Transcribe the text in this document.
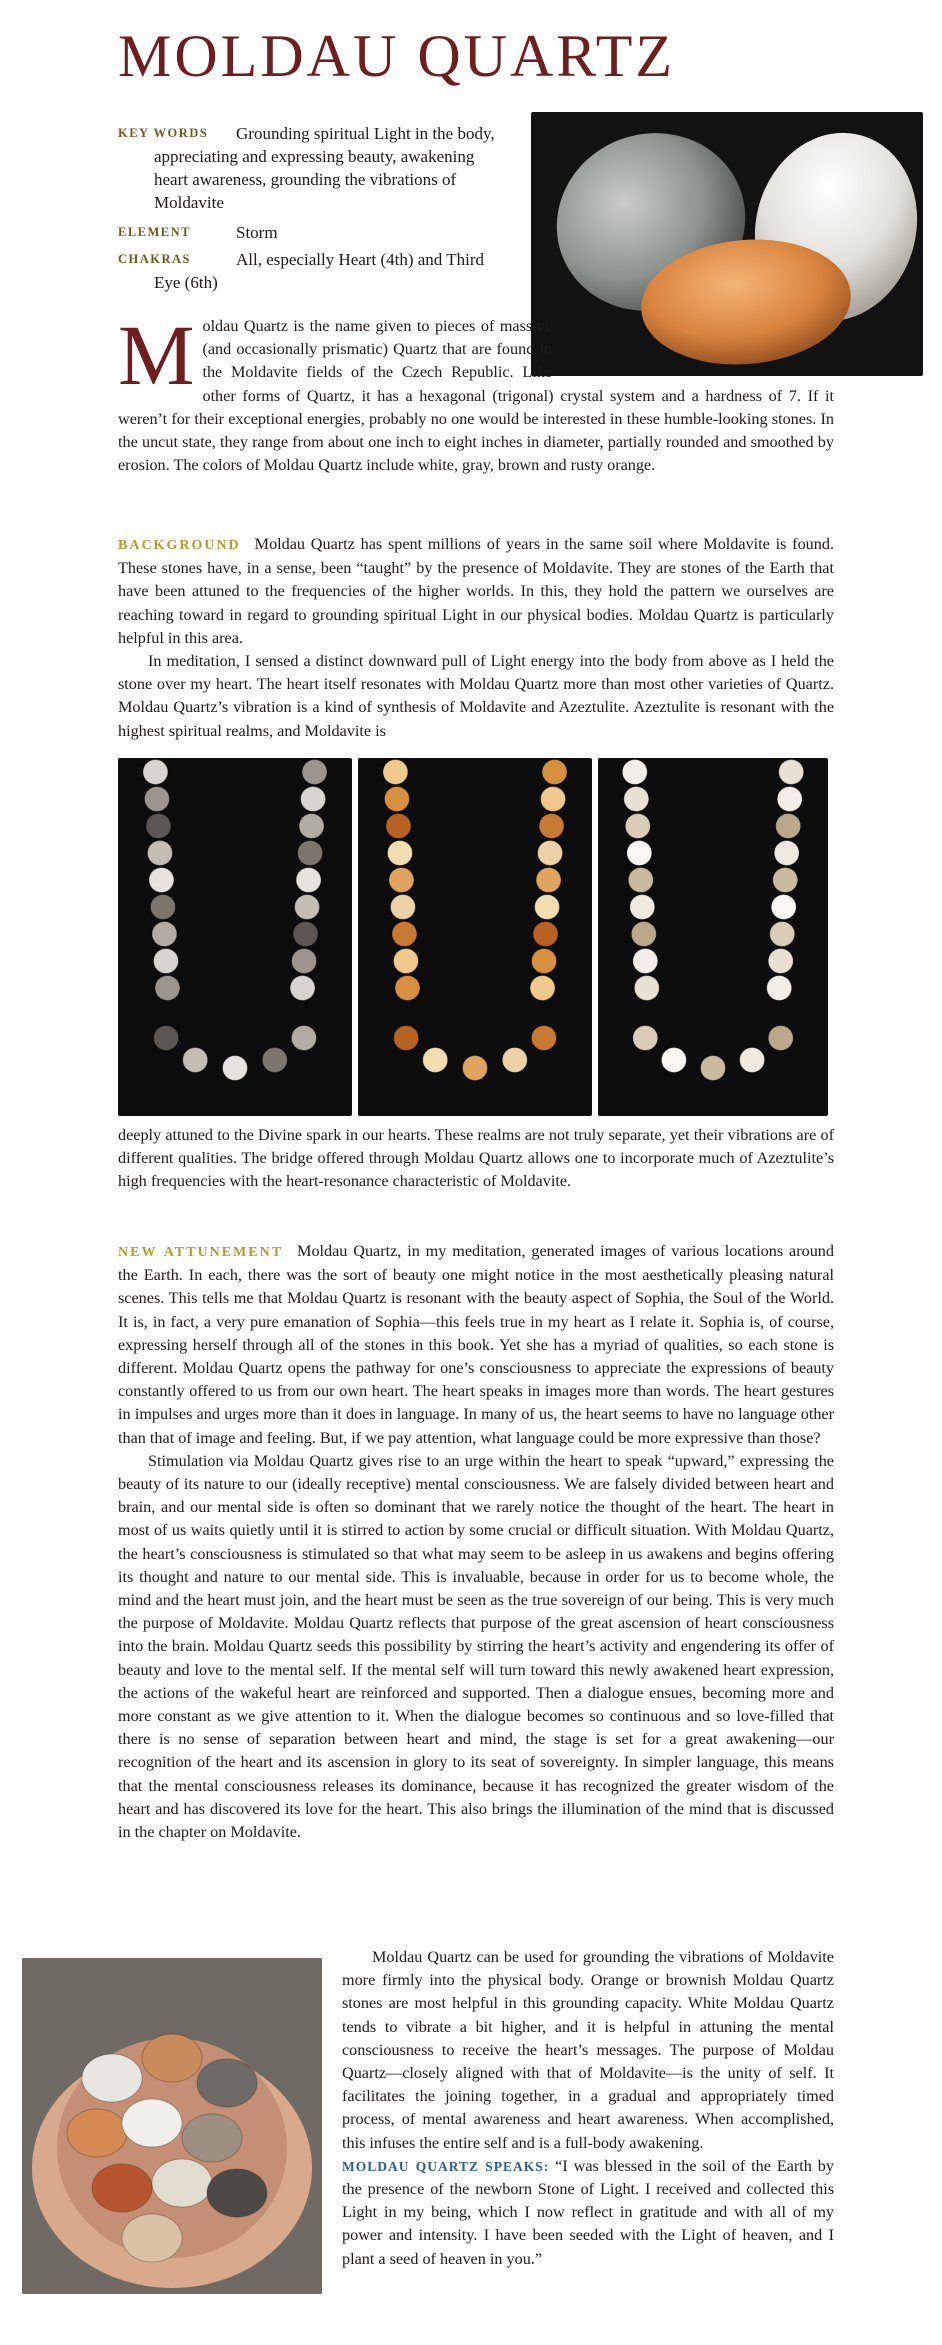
MOLDAU QUARTZ
KEY WORDS	Grounding spiritual Light in the body, appreciating and expressing beauty, awakening heart awareness, grounding the vibrations of Moldavite
ELEMENT	Storm
CHAKRAS	All, especially Heart (4th) and Third Eye (6th)
M oldau Quartz is the name given to pieces of massive (and occasionally prismatic) Quartz that are found in the Moldavite fields of the Czech Republic. Like other forms of Quartz, it has a hexagonal (trigonal) crystal system and a hardness of 7. If it weren’t for their exceptional energies, probably no one would be interested in these humble-looking stones. In the uncut state, they range from about one inch to eight inches in diameter, partially rounded and smoothed by erosion. The colors of Moldau Quartz include white, gray, brown and rusty orange.

BACKGROUND Moldau Quartz has spent millions of years in the same soil where Moldavite is found. These stones have, in a sense, been “taught” by the presence of Moldavite. They are stones of the Earth that have been attuned to the frequencies of the higher worlds. In this, they hold the pattern we ourselves are reaching toward in regard to grounding spiritual Light in our physical bodies. Moldau Quartz is particularly helpful in this area.

In meditation, I sensed a distinct downward pull of Light energy into the body from above as I held the stone over my heart. The heart itself resonates with Moldau Quartz more than most other varieties of Quartz. Moldau Quartz’s vibration is a kind of synthesis of Moldavite and Azeztulite. Azeztulite is resonant with the highest spiritual realms, and Moldavite is

deeply attuned to the Divine spark in our hearts. These realms are not truly separate, yet their vibrations are of different qualities. The bridge offered through Moldau Quartz allows one to incorporate much of Azeztulite’s high frequencies with the heart-resonance characteristic of Moldavite.

NEW ATTUNEMENT Moldau Quartz, in my meditation, generated images of various locations around the Earth. In each, there was the sort of beauty one might notice in the most aesthetically pleasing natural scenes. This tells me that Moldau Quartz is resonant with the beauty aspect of Sophia, the Soul of the World. It is, in fact, a very pure emanation of Sophia—this feels true in my heart as I relate it. Sophia is, of course, expressing herself through all of the stones in this book. Yet she has a myriad of qualities, so each stone is different. Moldau Quartz opens the pathway for one’s consciousness to appreciate the expressions of beauty constantly offered to us from our own heart. The heart speaks in images more than words. The heart gestures in impulses and urges more than it does in language. In many of us, the heart seems to have no language other than that of image and feeling. But, if we pay attention, what language could be more expressive than those?

Stimulation via Moldau Quartz gives rise to an urge within the heart to speak “upward,” expressing the beauty of its nature to our (ideally receptive) mental consciousness. We are falsely divided between heart and brain, and our mental side is often so dominant that we rarely notice the thought of the heart. The heart in most of us waits quietly until it is stirred to action by some crucial or difficult situation. With Moldau Quartz, the heart’s consciousness is stimulated so that what may seem to be asleep in us awakens and begins offering its thought and nature to our mental side. This is invaluable, because in order for us to become whole, the mind and the heart must join, and the heart must be seen as the true sovereign of our being. This is very much the purpose of Moldavite. Moldau Quartz reflects that purpose of the great ascension of heart consciousness into the brain. Moldau Quartz seeds this possibility by stirring the heart’s activity and engendering its offer of beauty and love to the mental self. If the mental self will turn toward this newly awakened heart expression, the actions of the wakeful heart are reinforced and supported. Then a dialogue ensues, becoming more and more constant as we give attention to it. When the dialogue becomes so continuous and so love-filled that there is no sense of separation between heart and mind, the stage is set for a great awakening—our recognition of the heart and its ascension in glory to its seat of sovereignty. In simpler language, this means that the mental consciousness releases its dominance, because it has recognized the greater wisdom of the heart and has discovered its love for the heart. This also brings the illumination of the mind that is discussed in the chapter on Moldavite.

Moldau Quartz can be used for grounding the vibrations of Moldavite more firmly into the physical body. Orange or brownish Moldau Quartz stones are most helpful in this grounding capacity. White Moldau Quartz tends to vibrate a bit higher, and it is helpful in attuning the mental consciousness to receive the heart’s messages. The purpose of Moldau Quartz—closely aligned with that of Moldavite—is the unity of self. It facilitates the joining together, in a gradual and appropriately timed process, of mental awareness and heart awareness. When accomplished, this infuses the entire self and is a full-body awakening.

MOLDAU QUARTZ SPEAKS: “I was blessed in the soil of the Earth by the presence of the newborn Stone of Light. I received and collected this Light in my being, which I now reflect in gratitude and with all of my power and intensity. I have been seeded with the Light of heaven, and I plant a seed of heaven in you.”
